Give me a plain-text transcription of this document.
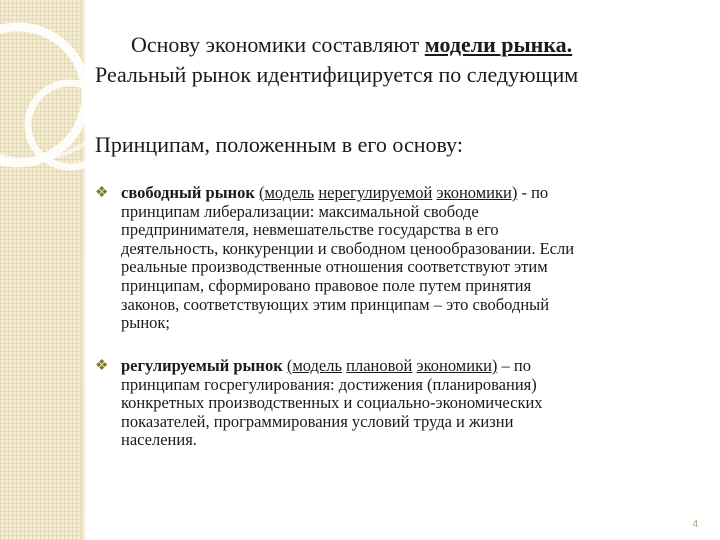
Основу экономики составляют модели рынка.
Реальный рынок идентифицируется по следующим
Принципам, положенным в его основу:
❖ свободный рынок (модель нерегулируемой экономики) - по
принципам либерализации: максимальной свободе
предпринимателя, невмешательстве государства в его
деятельность, конкуренции и свободном ценообразовании. Если
реальные производственные отношения соответствуют этим
принципам, сформировано правовое поле путем принятия
законов, соответствующих этим принципам – это свободный
рынок;
❖ регулируемый рынок (модель плановой экономики) – по
принципам госрегулирования: достижения (планирования)
конкретных производственных и социально-экономических
показателей, программирования условий труда и жизни
населения.
4
